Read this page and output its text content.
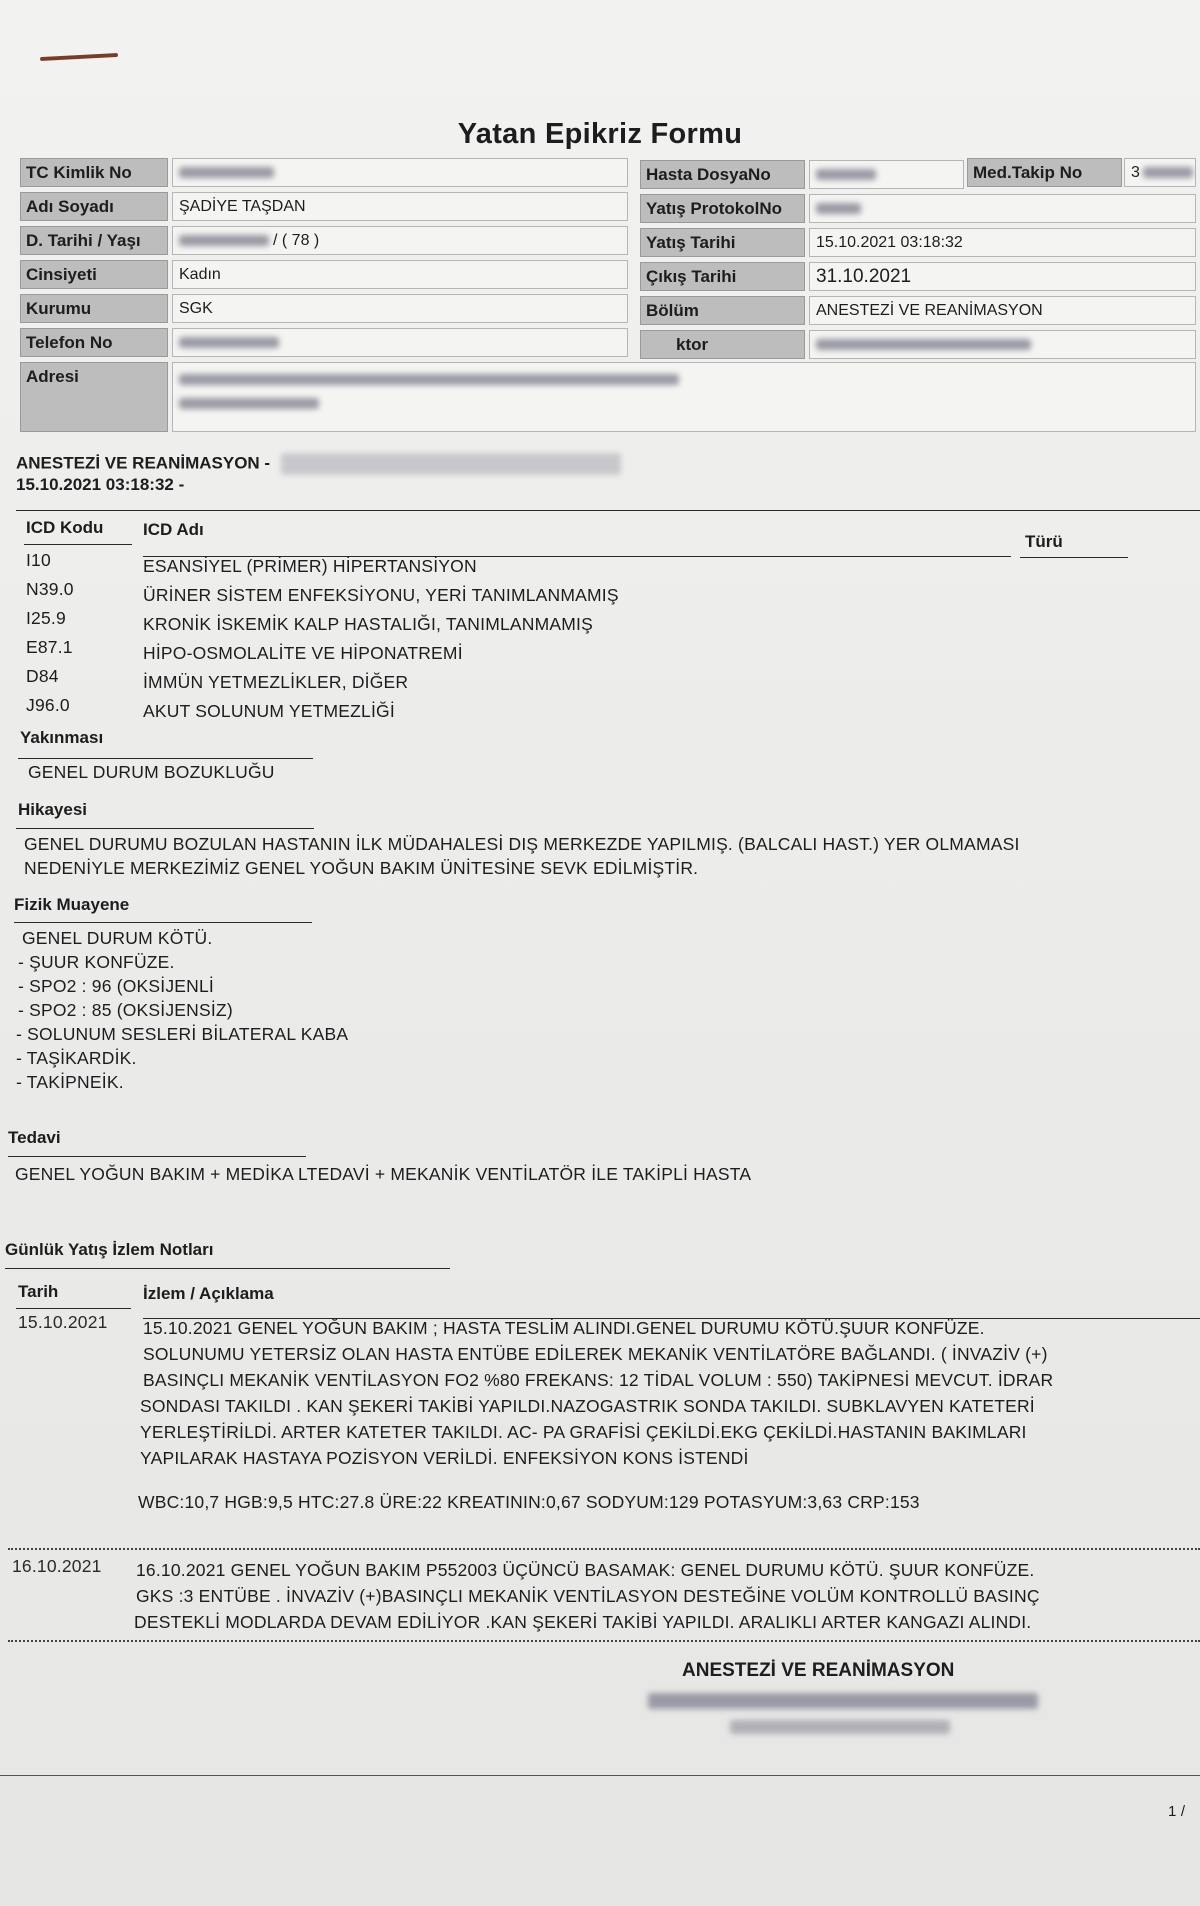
Yatan Epikriz Formu
TC Kimlik No
Adı Soyadı	ŞADİYE TAŞDAN
D. Tarihi / Yaşı	/ ( 78 )
Cinsiyeti	Kadın
Kurumu	SGK
Telefon No
Adresi

Hasta DosyaNo	Med.Takip No	3
Yatış ProtokolNo
Yatış Tarihi	15.10.2021 03:18:32
Çıkış Tarihi	31.10.2021
Bölüm	ANESTEZİ VE REANİMASYON
ktor
ANESTEZİ VE REANİMASYON -
15.10.2021 03:18:32 -
ICD Kodu ICD Adı
Türü
I10	ESANSİYEL (PRİMER) HİPERTANSİYON
N39.0	ÜRİNER SİSTEM ENFEKSİYONU, YERİ TANIMLANMAMIŞ
I25.9	KRONİK İSKEMİK KALP HASTALIĞI, TANIMLANMAMIŞ
E87.1	HİPO-OSMOLALİTE VE HİPONATREMİ
D84	İMMÜN YETMEZLİKLER, DİĞER
J96.0	AKUT SOLUNUM YETMEZLİĞİ
Yakınması
GENEL DURUM BOZUKLUĞU
Hikayesi
GENEL DURUMU BOZULAN HASTANIN İLK MÜDAHALESİ DIŞ MERKEZDE YAPILMIŞ. (BALCALI HAST.) YER OLMAMASI
NEDENİYLE MERKEZİMİZ GENEL YOĞUN BAKIM ÜNİTESİNE SEVK EDİLMİŞTİR.
Fizik Muayene
GENEL DURUM KÖTÜ.
- ŞUUR KONFÜZE.
- SPO2 : 96 (OKSİJENLİ
- SPO2 : 85 (OKSİJENSİZ)
- SOLUNUM SESLERİ BİLATERAL KABA
- TAŞİKARDİK.
- TAKİPNEİK.
Tedavi
GENEL YOĞUN BAKIM + MEDİKA LTEDAVİ + MEKANİK VENTİLATÖR İLE TAKİPLİ HASTA
Günlük Yatış İzlem Notları
Tarih	İzlem / Açıklama
15.10.2021 15.10.2021 GENEL YOĞUN BAKIM ; HASTA TESLİM ALINDI.GENEL DURUMU KÖTÜ.ŞUUR KONFÜZE.
SOLUNUMU YETERSİZ OLAN HASTA ENTÜBE EDİLEREK MEKANİK VENTİLATÖRE BAĞLANDI. ( İNVAZİV (+)
BASINÇLI MEKANİK VENTİLASYON FO2 %80 FREKANS: 12 TİDAL VOLUM : 550) TAKİPNESİ MEVCUT. İDRAR
SONDASI TAKILDI . KAN ŞEKERİ TAKİBİ YAPILDI.NAZOGASTRIK SONDA TAKILDI. SUBKLAVYEN KATETERİ
YERLEŞTİRİLDİ. ARTER KATETER TAKILDI. AC- PA GRAFİSİ ÇEKİLDİ.EKG ÇEKİLDİ.HASTANIN BAKIMLARI
YAPILARAK HASTAYA POZİSYON VERİLDİ. ENFEKSİYON KONS İSTENDİ
WBC:10,7 HGB:9,5 HTC:27.8 ÜRE:22 KREATININ:0,67 SODYUM:129 POTASYUM:3,63 CRP:153
16.10.2021 16.10.2021 GENEL YOĞUN BAKIM P552003 ÜÇÜNCÜ BASAMAK: GENEL DURUMU KÖTÜ. ŞUUR KONFÜZE.
GKS :3 ENTÜBE . İNVAZİV (+)BASINÇLI MEKANİK VENTİLASYON DESTEĞİNE VOLÜM KONTROLLÜ BASINÇ
DESTEKLİ MODLARDA DEVAM EDİLİYOR .KAN ŞEKERİ TAKİBİ YAPILDI. ARALIKLI ARTER KANGAZI ALINDI.
ANESTEZİ VE REANİMASYON
1 /
